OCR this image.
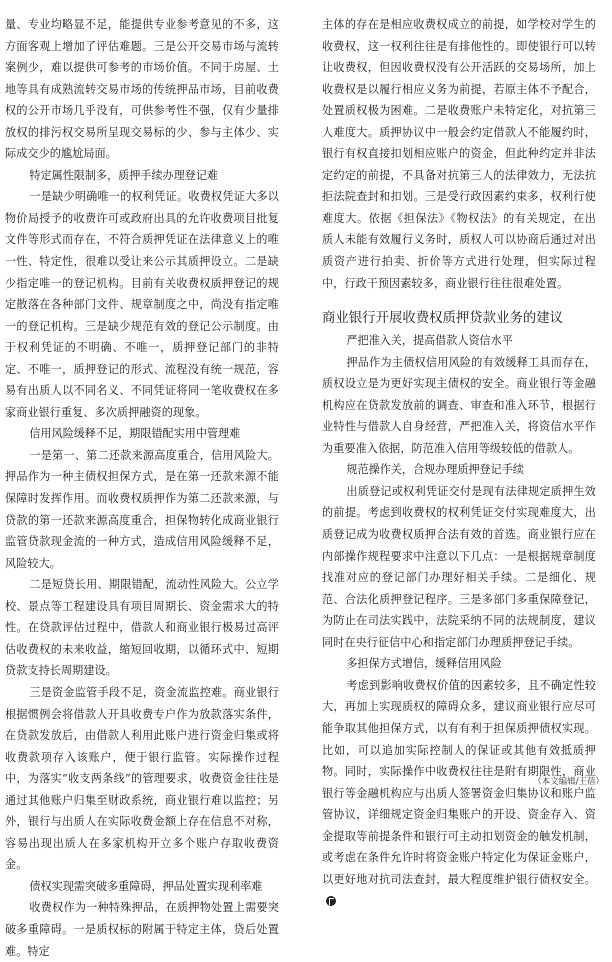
量、专业均略显不足，能提供专业参考意见的不多，这方面客观上增加了评估难题。三是公开交易市场与流转案例少，难以提供可参考的市场价值。不同于房屋、土地等具有成熟流转交易市场的传统押品市场，目前收费权的公开市场几乎没有，可供参考性不强，仅有少量排放权的排污权交易所呈现交易标的少、参与主体少、实际成交少的尴尬局面。

特定属性限制多，质押手续办理登记难

一是缺少明确唯一的权利凭证。收费权凭证大多以物价局授予的收费许可或政府出具的允许收费项目批复文件等形式而存在，不符合质押凭证在法律意义上的唯一性、特定性，很难以受让来公示其质押设立。二是缺少指定唯一的登记机构。目前有关收费权质押登记的规定散落在各种部门文件、规章制度之中，尚没有指定唯一的登记机构。三是缺少规范有效的登记公示制度。由于权利凭证的不明确、不唯一，质押登记部门的非特定、不唯一，质押登记的形式、流程没有统一规范，容易有出质人以不同名义、不同凭证将同一笔收费权在多家商业银行重复、多次质押融资的现象。

信用风险缓释不足，期限错配实用中管理难

一是第一、第二还款来源高度重合，信用风险大。押品作为一种主债权担保方式，是在第一还款来源不能保障时发挥作用。而收费权质押作为第二还款来源，与贷款的第一还款来源高度重合，担保物转化成商业银行监管贷款现金流的一种方式，造成信用风险缓释不足，风险较大。

二是短贷长用、期限错配，流动性风险大。公立学校、景点等工程建设具有项目周期长、资金需求大的特性。在贷款评估过程中，借款人和商业银行极易过高评估收费权的未来收益，缩短回收期，以循环式中、短期贷款支持长周期建设。

三是资金监管手段不足，资金流监控难。商业银行根据惯例会将借款人开具收费专户作为放款落实条件，在贷款发放后，由借款人利用此账户进行资金归集或将收费款项存入该账户，便于银行监管。实际操作过程中，为落实“收支两条线”的管理要求，收费资金往往是通过其他账户归集至财政系统，商业银行难以监控；另外，银行与出质人在实际收费金额上存在信息不对称，容易出现出质人在多家机构开立多个账户存取收费资金。

债权实现需突破多重障碍，押品处置实现利率难

收费权作为一种特殊押品，在质押物处置上需要突破多重障碍。一是质权标的附属于特定主体，贷后处置难。特定

主体的存在是相应收费权成立的前提，如学校对学生的收费权，这一权利往往是有排他性的。即使银行可以转让收费权，但因收费权没有公开活跃的交易场所，加上收费权是以履行相应义务为前提，若原主体不予配合，处置质权极为困难。二是收费账户未特定化，对抗第三人难度大。质押协议中一般会约定借款人不能履约时，银行有权直接扣划相应账户的资金，但此种约定并非法定约定的前提，不具备对抗第三人的法律效力，无法抗拒法院查封和扣划。三是受行政因素约束多，权利行使难度大。依据《担保法》《物权法》的有关规定，在出质人未能有效履行义务时，质权人可以协商后通过对出质资产进行拍卖、折价等方式进行处理，但实际过程中，行政干预因素较多，商业银行往往很难处置。

商业银行开展收费权质押贷款业务的建议

严把准入关，提高借款人资信水平

押品作为主债权信用风险的有效缓释工具而存在，质权设立是为更好实现主债权的安全。商业银行等金融机构应在贷款发放前的调查、审查和准入环节，根据行业特性与借款人自身经营，严把准入关，将资信水平作为重要准入依据，防范准入信用等级较低的借款人。

规范操作关，合规办理质押登记手续

出质登记或权利凭证交付是现有法律规定质押生效的前提。考虑到收费权的权利凭证交付实现难度大，出质登记成为收费权质押合法有效的首选。商业银行应在内部操作规程要求中注意以下几点：一是根据规章制度找准对应的登记部门办理好相关手续。二是细化、规范、合法化质押登记程序。三是多部门多重保障登记，为防止在司法实践中，法院采纳不同的法规制度，建议同时在央行征信中心和指定部门办理质押登记手续。

多担保方式增信，缓释信用风险

考虑到影响收费权价值的因素较多，且不确定性较大，再加上实现质权的障碍众多，建议商业银行应尽可能争取其他担保方式，以有有利于担保质押债权实现。比如，可以追加实际控制人的保证或其他有效抵质押物。同时，实际操作中收费权往往是附有期限性，商业银行等金融机构应与出质人签署资金归集协议和账户监管协议，详细规定资金归集账户的开设、资金存入、资金提取等前提条件和银行可主动扣划资金的触发机制，或考虑在条件允许时将资金账户特定化为保证金账户，以更好地对抗司法查封，最大程度维护银行债权安全。

（本文编辑/王蓓）
